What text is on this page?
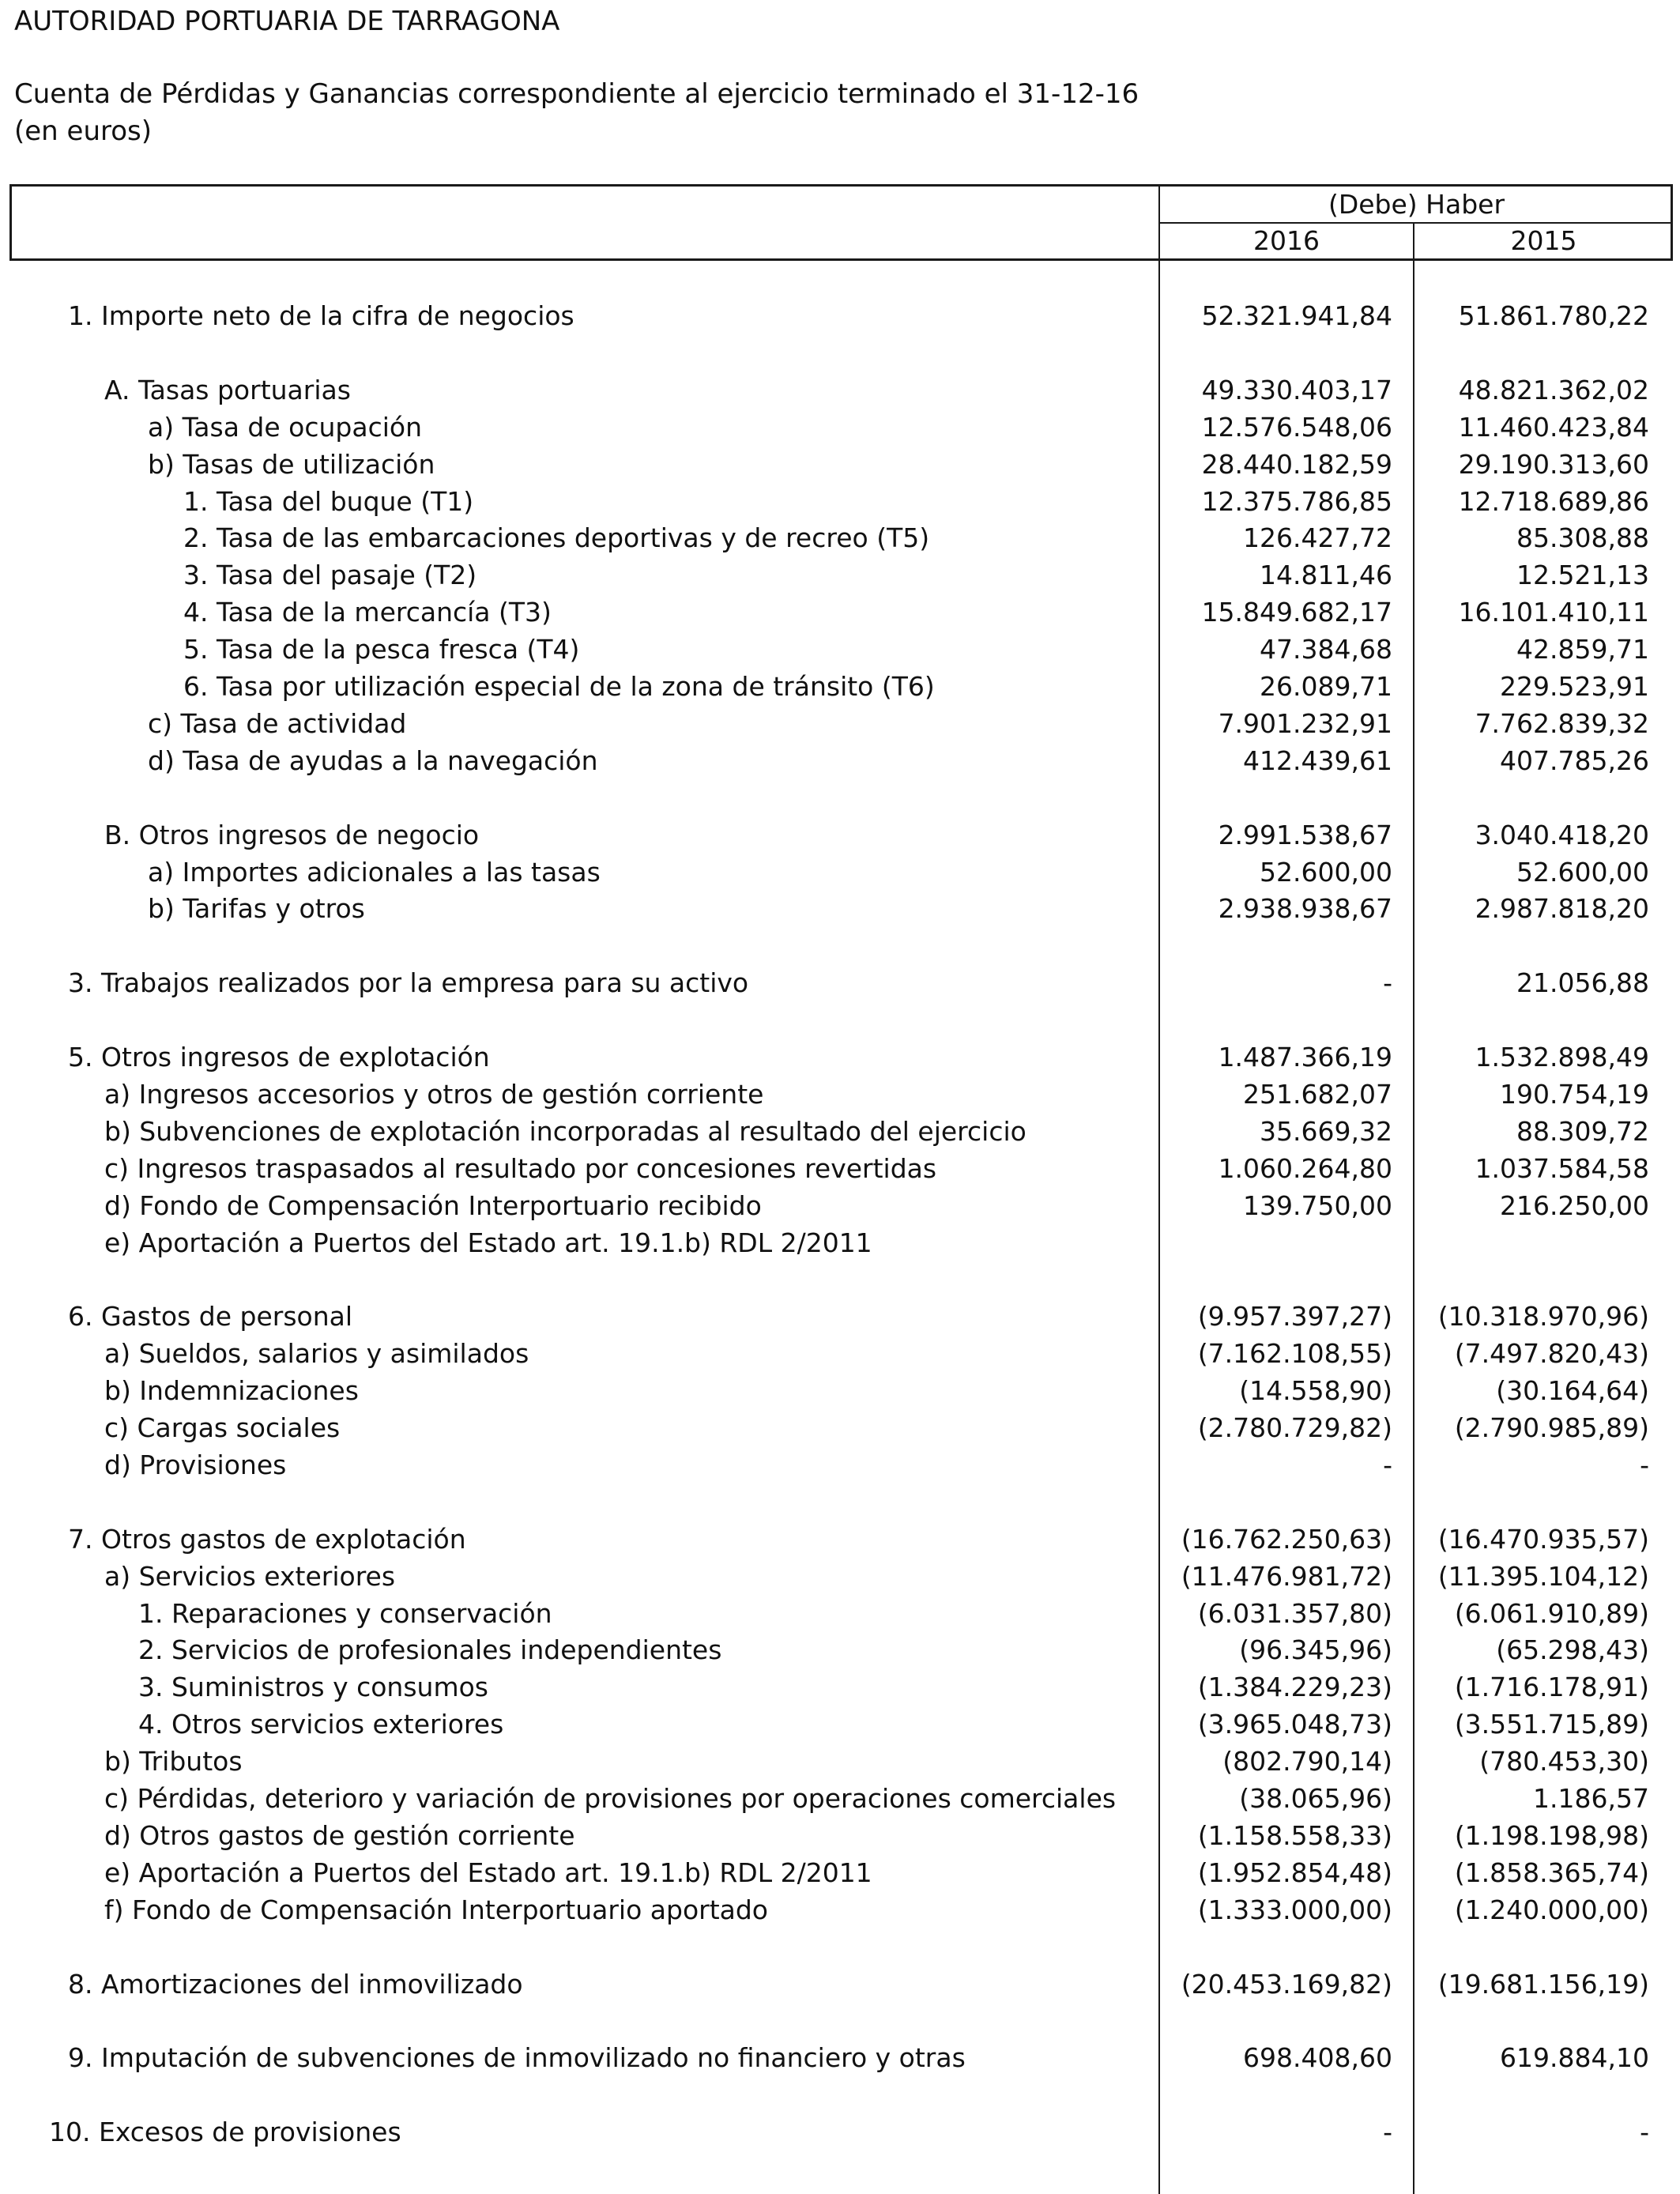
AUTORIDAD PORTUARIA DE TARRAGONA
Cuenta de Pérdidas y Ganancias correspondiente al ejercicio terminado el 31-12-16
(en euros)
(Debe) Haber
2016	2015
1. Importe neto de la cifra de negocios	52.321.941,84	51.861.780,22
A. Tasas portuarias	49.330.403,17	48.821.362,02
a) Tasa de ocupación	12.576.548,06	11.460.423,84
b) Tasas de utilización	28.440.182,59	29.190.313,60
1. Tasa del buque (T1)	12.375.786,85	12.718.689,86
2. Tasa de las embarcaciones deportivas y de recreo (T5)	126.427,72	85.308,88
3. Tasa del pasaje (T2)	14.811,46	12.521,13
4. Tasa de la mercancía (T3)	15.849.682,17	16.101.410,11
5. Tasa de la pesca fresca (T4)	47.384,68	42.859,71
6. Tasa por utilización especial de la zona de tránsito (T6)	26.089,71	229.523,91
c) Tasa de actividad	7.901.232,91	7.762.839,32
d) Tasa de ayudas a la navegación	412.439,61	407.785,26
B. Otros ingresos de negocio	2.991.538,67	3.040.418,20
a) Importes adicionales a las tasas	52.600,00	52.600,00
b) Tarifas y otros	2.938.938,67	2.987.818,20
3. Trabajos realizados por la empresa para su activo	-	21.056,88
5. Otros ingresos de explotación	1.487.366,19	1.532.898,49
a) Ingresos accesorios y otros de gestión corriente	251.682,07	190.754,19
b) Subvenciones de explotación incorporadas al resultado del ejercicio	35.669,32	88.309,72
c) Ingresos traspasados al resultado por concesiones revertidas	1.060.264,80	1.037.584,58
d) Fondo de Compensación Interportuario recibido	139.750,00	216.250,00
e) Aportación a Puertos del Estado art. 19.1.b) RDL 2/2011
6. Gastos de personal	(9.957.397,27)	(10.318.970,96)
a) Sueldos, salarios y asimilados	(7.162.108,55)	(7.497.820,43)
b) Indemnizaciones	(14.558,90)	(30.164,64)
c) Cargas sociales	(2.780.729,82)	(2.790.985,89)
d) Provisiones	-	-
7. Otros gastos de explotación	(16.762.250,63)	(16.470.935,57)
a) Servicios exteriores	(11.476.981,72)	(11.395.104,12)
1. Reparaciones y conservación	(6.031.357,80)	(6.061.910,89)
2. Servicios de profesionales independientes	(96.345,96)	(65.298,43)
3. Suministros y consumos	(1.384.229,23)	(1.716.178,91)
4. Otros servicios exteriores	(3.965.048,73)	(3.551.715,89)
b) Tributos	(802.790,14)	(780.453,30)
c) Pérdidas, deterioro y variación de provisiones por operaciones comerciales	(38.065,96)	1.186,57
d) Otros gastos de gestión corriente	(1.158.558,33)	(1.198.198,98)
e) Aportación a Puertos del Estado art. 19.1.b) RDL 2/2011	(1.952.854,48)	(1.858.365,74)
f) Fondo de Compensación Interportuario aportado	(1.333.000,00)	(1.240.000,00)
8. Amortizaciones del inmovilizado	(20.453.169,82)	(19.681.156,19)
9. Imputación de subvenciones de inmovilizado no financiero y otras	698.408,60	619.884,10
10. Excesos de provisiones	-	-
